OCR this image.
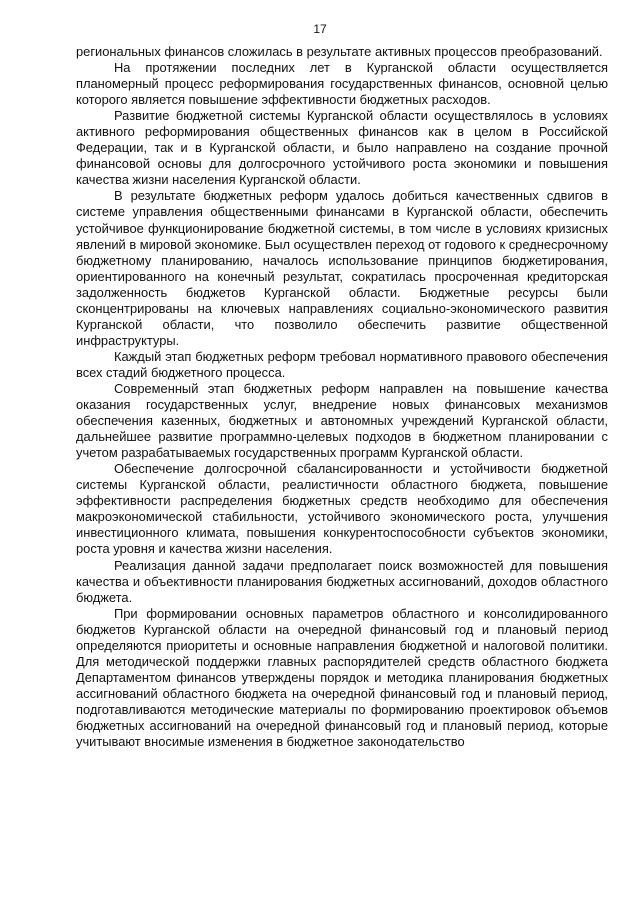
17

региональных финансов сложилась в результате активных процессов преобразований.

На протяжении последних лет в Курганской области осуществляется планомерный процесс реформирования государственных финансов, основной целью которого является повышение эффективности бюджетных расходов.

Развитие бюджетной системы Курганской области осуществлялось в условиях активного реформирования общественных финансов как в целом в Российской Федерации, так и в Курганской области, и было направлено на создание прочной финансовой основы для долгосрочного устойчивого роста экономики и повышения качества жизни населения Курганской области.

В результате бюджетных реформ удалось добиться качественных сдвигов в системе управления общественными финансами в Курганской области, обеспечить устойчивое функционирование бюджетной системы, в том числе в условиях кризисных явлений в мировой экономике. Был осуществлен переход от годового к среднесрочному бюджетному планированию, началось использование принципов бюджетирования, ориентированного на конечный результат, сократилась просроченная кредиторская задолженность бюджетов Курганской области. Бюджетные ресурсы были сконцентрированы на ключевых направлениях социально-экономического развития Курганской области, что позволило обеспечить развитие общественной инфраструктуры.

Каждый этап бюджетных реформ требовал нормативного правового обеспечения всех стадий бюджетного процесса.

Современный этап бюджетных реформ направлен на повышение качества оказания государственных услуг, внедрение новых финансовых механизмов обеспечения казенных, бюджетных и автономных учреждений Курганской области, дальнейшее развитие программно-целевых подходов в бюджетном планировании с учетом разрабатываемых государственных программ Курганской области.

Обеспечение долгосрочной сбалансированности и устойчивости бюджетной системы Курганской области, реалистичности областного бюджета, повышение эффективности распределения бюджетных средств необходимо для обеспечения макроэкономической стабильности, устойчивого экономического роста, улучшения инвестиционного климата, повышения конкурентоспособности субъектов экономики, роста уровня и качества жизни населения.

Реализация данной задачи предполагает поиск возможностей для повышения качества и объективности планирования бюджетных ассигнований, доходов областного бюджета.

При формировании основных параметров областного и консолидированного бюджетов Курганской области на очередной финансовый год и плановый период определяются приоритеты и основные направления бюджетной и налоговой политики. Для методической поддержки главных распорядителей средств областного бюджета Департаментом финансов утверждены порядок и методика планирования бюджетных ассигнований областного бюджета на очередной финансовый год и плановый период, подготавливаются методические материалы по формированию проектировок объемов бюджетных ассигнований на очередной финансовый год и плановый период, которые учитывают вносимые изменения в бюджетное законодательство
